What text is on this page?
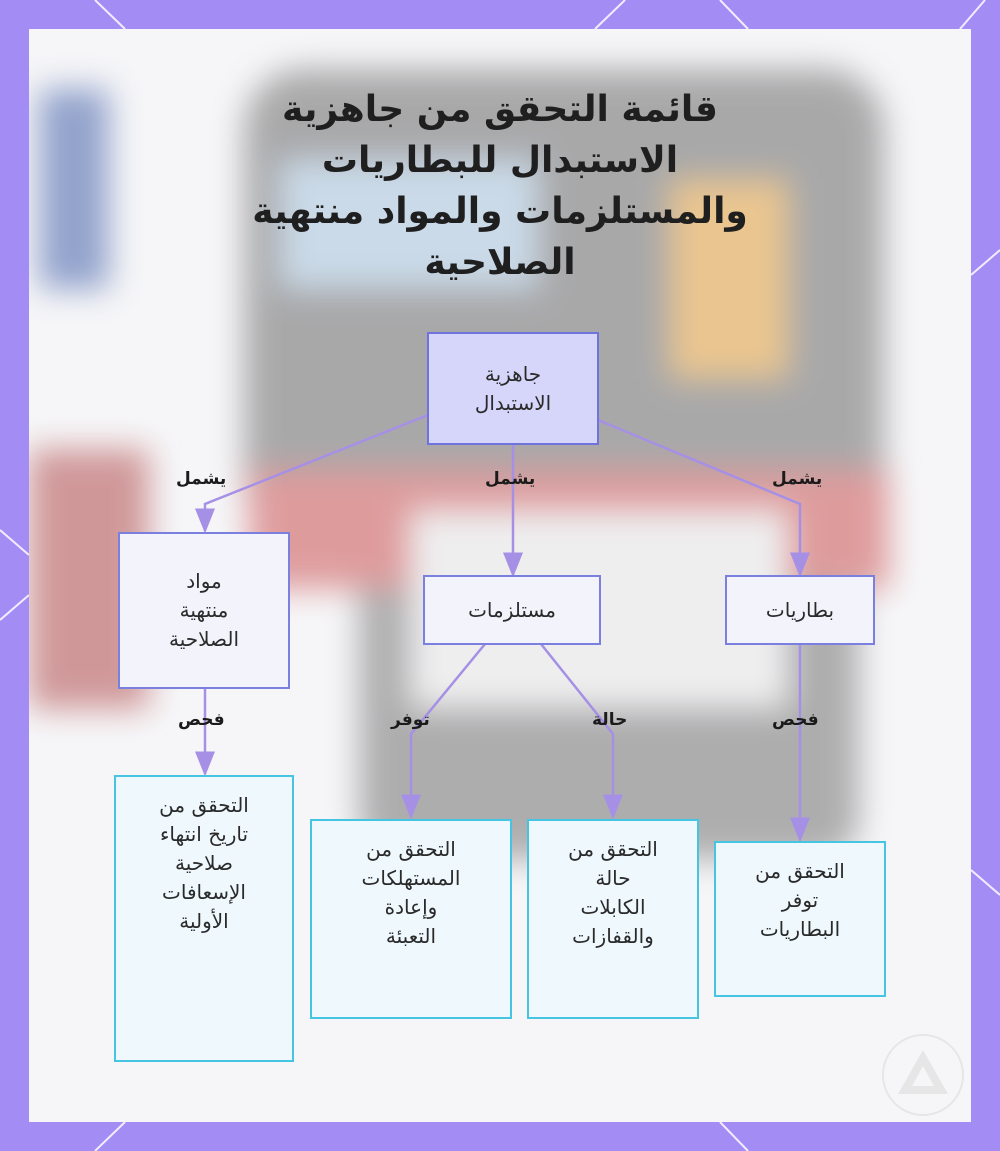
قائمة التحقق من جاهزية
الاستبدال للبطاريات
والمستلزمات والمواد منتهية
الصلاحية
يشمل	يشمل	يشمل
فحص	توفر	حالة	فحص
جاهزية
الاستبدال
مواد
منتهية
الصلاحية
مستلزمات	بطاريات
التحقق من
تاريخ انتهاء
صلاحية
الإسعافات
الأولية
التحقق من
المستهلكات
وإعادة
التعبئة
التحقق من
حالة
الكابلات
والقفازات
التحقق من
توفر
البطاريات
